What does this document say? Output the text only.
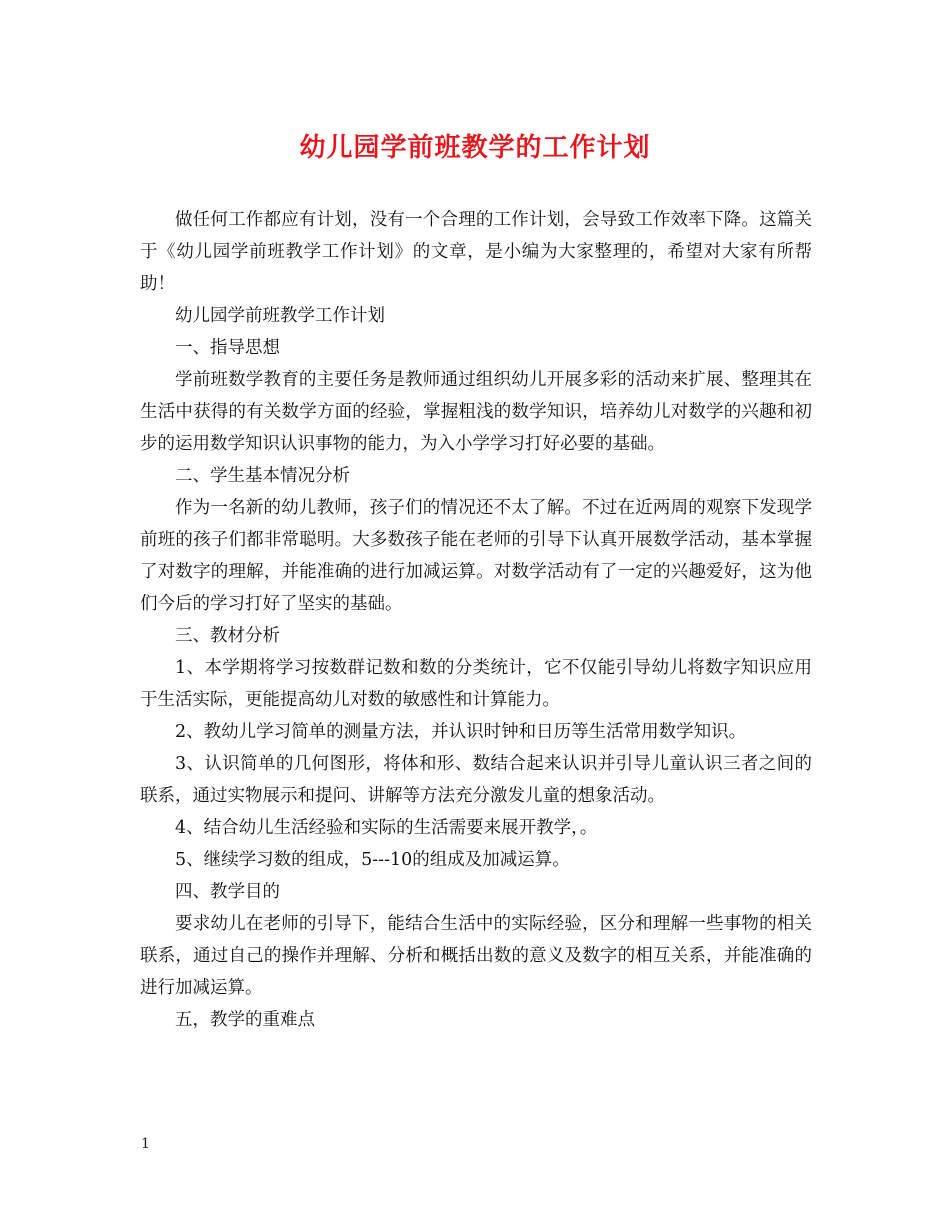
幼儿园学前班教学的工作计划

做任何工作都应有计划，没有一个合理的工作计划，会导致工作效率下降。这篇关于《幼儿园学前班教学工作计划》的文章，是小编为大家整理的，希望对大家有所帮助！

幼儿园学前班教学工作计划

一、指导思想

学前班数学教育的主要任务是教师通过组织幼儿开展多彩的活动来扩展、整理其在生活中获得的有关数学方面的经验，掌握粗浅的数学知识，培养幼儿对数学的兴趣和初步的运用数学知识认识事物的能力，为入小学学习打好必要的基础。

二、学生基本情况分析

作为一名新的幼儿教师，孩子们的情况还不太了解。不过在近两周的观察下发现学前班的孩子们都非常聪明。大多数孩子能在老师的引导下认真开展数学活动，基本掌握了对数字的理解，并能准确的进行加减运算。对数学活动有了一定的兴趣爱好，这为他们今后的学习打好了坚实的基础。

三、教材分析

1、本学期将学习按数群记数和数的分类统计，它不仅能引导幼儿将数字知识应用于生活实际，更能提高幼儿对数的敏感性和计算能力。

2、教幼儿学习简单的测量方法，并认识时钟和日历等生活常用数学知识。

3、认识简单的几何图形，将体和形、数结合起来认识并引导儿童认识三者之间的联系，通过实物展示和提问、讲解等方法充分激发儿童的想象活动。

4、结合幼儿生活经验和实际的生活需要来展开教学，。

5、继续学习数的组成，5---10的组成及加减运算。

四、教学目的

要求幼儿在老师的引导下，能结合生活中的实际经验，区分和理解一些事物的相关联系，通过自己的操作并理解、分析和概括出数的意义及数字的相互关系，并能准确的进行加减运算。

五，教学的重难点

1
